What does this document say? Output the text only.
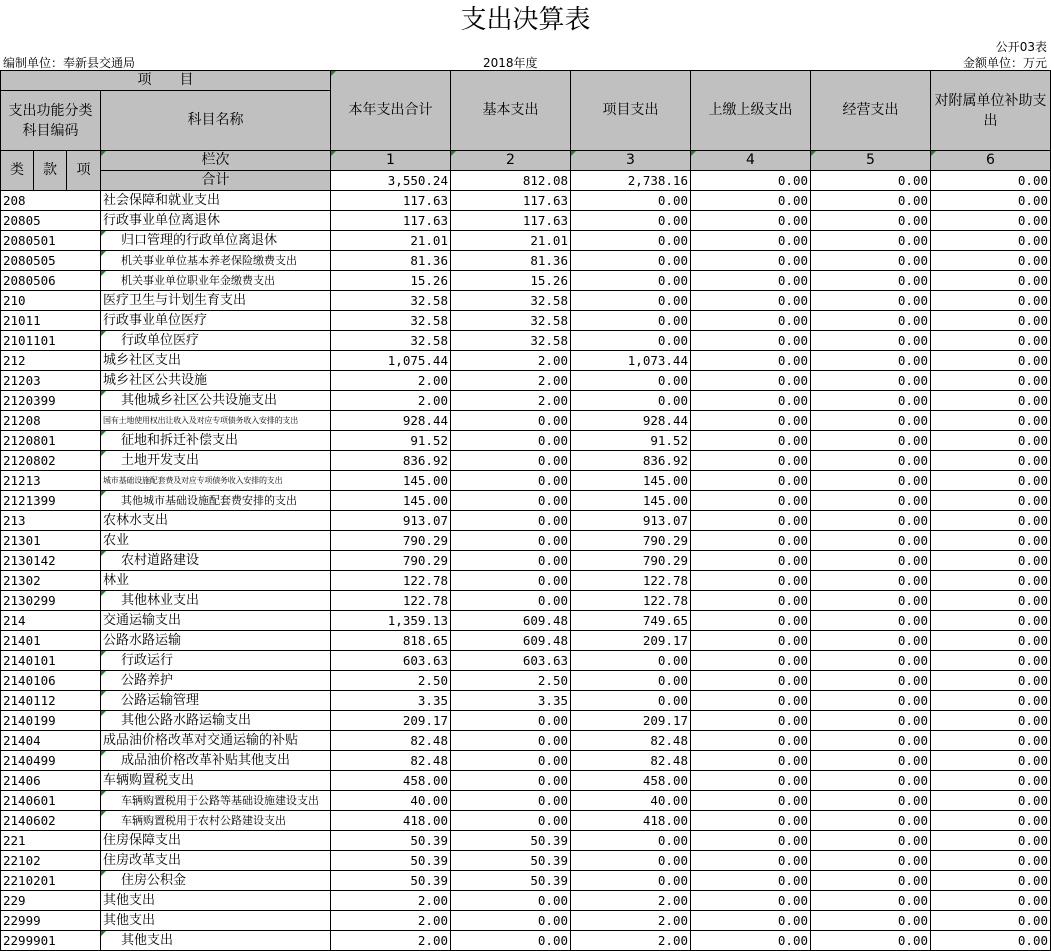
支出决算表
公开03表
编制单位：奉新县交通局	2018年度	金额单位：万元
项　　目				本年支出合计	基本支出	项目支出	上缴上级支出	经营支出	对附属单位补助支出
支出功能分类科目编码			科目名称						

类	款	项	栏次	1	2	3	4	5	6
			合计	3,550.24	812.08	2,738.16	0.00	0.00	0.00
208			社会保障和就业支出	117.63	117.63	0.00	0.00	0.00	0.00
20805			行政事业单位离退休	117.63	117.63	0.00	0.00	0.00	0.00
2080501			归口管理的行政单位离退休	21.01	21.01	0.00	0.00	0.00	0.00
2080505			机关事业单位基本养老保险缴费支出	81.36	81.36	0.00	0.00	0.00	0.00
2080506			机关事业单位职业年金缴费支出	15.26	15.26	0.00	0.00	0.00	0.00
210			医疗卫生与计划生育支出	32.58	32.58	0.00	0.00	0.00	0.00
21011			行政事业单位医疗	32.58	32.58	0.00	0.00	0.00	0.00
2101101			行政单位医疗	32.58	32.58	0.00	0.00	0.00	0.00
212			城乡社区支出	1,075.44	2.00	1,073.44	0.00	0.00	0.00
21203			城乡社区公共设施	2.00	2.00	0.00	0.00	0.00	0.00
2120399			其他城乡社区公共设施支出	2.00	2.00	0.00	0.00	0.00	0.00
21208			国有土地使用权出让收入及对应专项债务收入安排的支出	928.44	0.00	928.44	0.00	0.00	0.00
2120801			征地和拆迁补偿支出	91.52	0.00	91.52	0.00	0.00	0.00
2120802			土地开发支出	836.92	0.00	836.92	0.00	0.00	0.00
21213			城市基础设施配套费及对应专项债务收入安排的支出	145.00	0.00	145.00	0.00	0.00	0.00
2121399			其他城市基础设施配套费安排的支出	145.00	0.00	145.00	0.00	0.00	0.00
213			农林水支出	913.07	0.00	913.07	0.00	0.00	0.00
21301			农业	790.29	0.00	790.29	0.00	0.00	0.00
2130142			农村道路建设	790.29	0.00	790.29	0.00	0.00	0.00
21302			林业	122.78	0.00	122.78	0.00	0.00	0.00
2130299			其他林业支出	122.78	0.00	122.78	0.00	0.00	0.00
214			交通运输支出	1,359.13	609.48	749.65	0.00	0.00	0.00
21401			公路水路运输	818.65	609.48	209.17	0.00	0.00	0.00
2140101			行政运行	603.63	603.63	0.00	0.00	0.00	0.00
2140106			公路养护	2.50	2.50	0.00	0.00	0.00	0.00
2140112			公路运输管理	3.35	3.35	0.00	0.00	0.00	0.00
2140199			其他公路水路运输支出	209.17	0.00	209.17	0.00	0.00	0.00
21404			成品油价格改革对交通运输的补贴	82.48	0.00	82.48	0.00	0.00	0.00
2140499			成品油价格改革补贴其他支出	82.48	0.00	82.48	0.00	0.00	0.00
21406			车辆购置税支出	458.00	0.00	458.00	0.00	0.00	0.00
2140601			车辆购置税用于公路等基础设施建设支出	40.00	0.00	40.00	0.00	0.00	0.00
2140602			车辆购置税用于农村公路建设支出	418.00	0.00	418.00	0.00	0.00	0.00
221			住房保障支出	50.39	50.39	0.00	0.00	0.00	0.00
22102			住房改革支出	50.39	50.39	0.00	0.00	0.00	0.00
2210201			住房公积金	50.39	50.39	0.00	0.00	0.00	0.00
229			其他支出	2.00	0.00	2.00	0.00	0.00	0.00
22999			其他支出	2.00	0.00	2.00	0.00	0.00	0.00
2299901			其他支出	2.00	0.00	2.00	0.00	0.00	0.00
